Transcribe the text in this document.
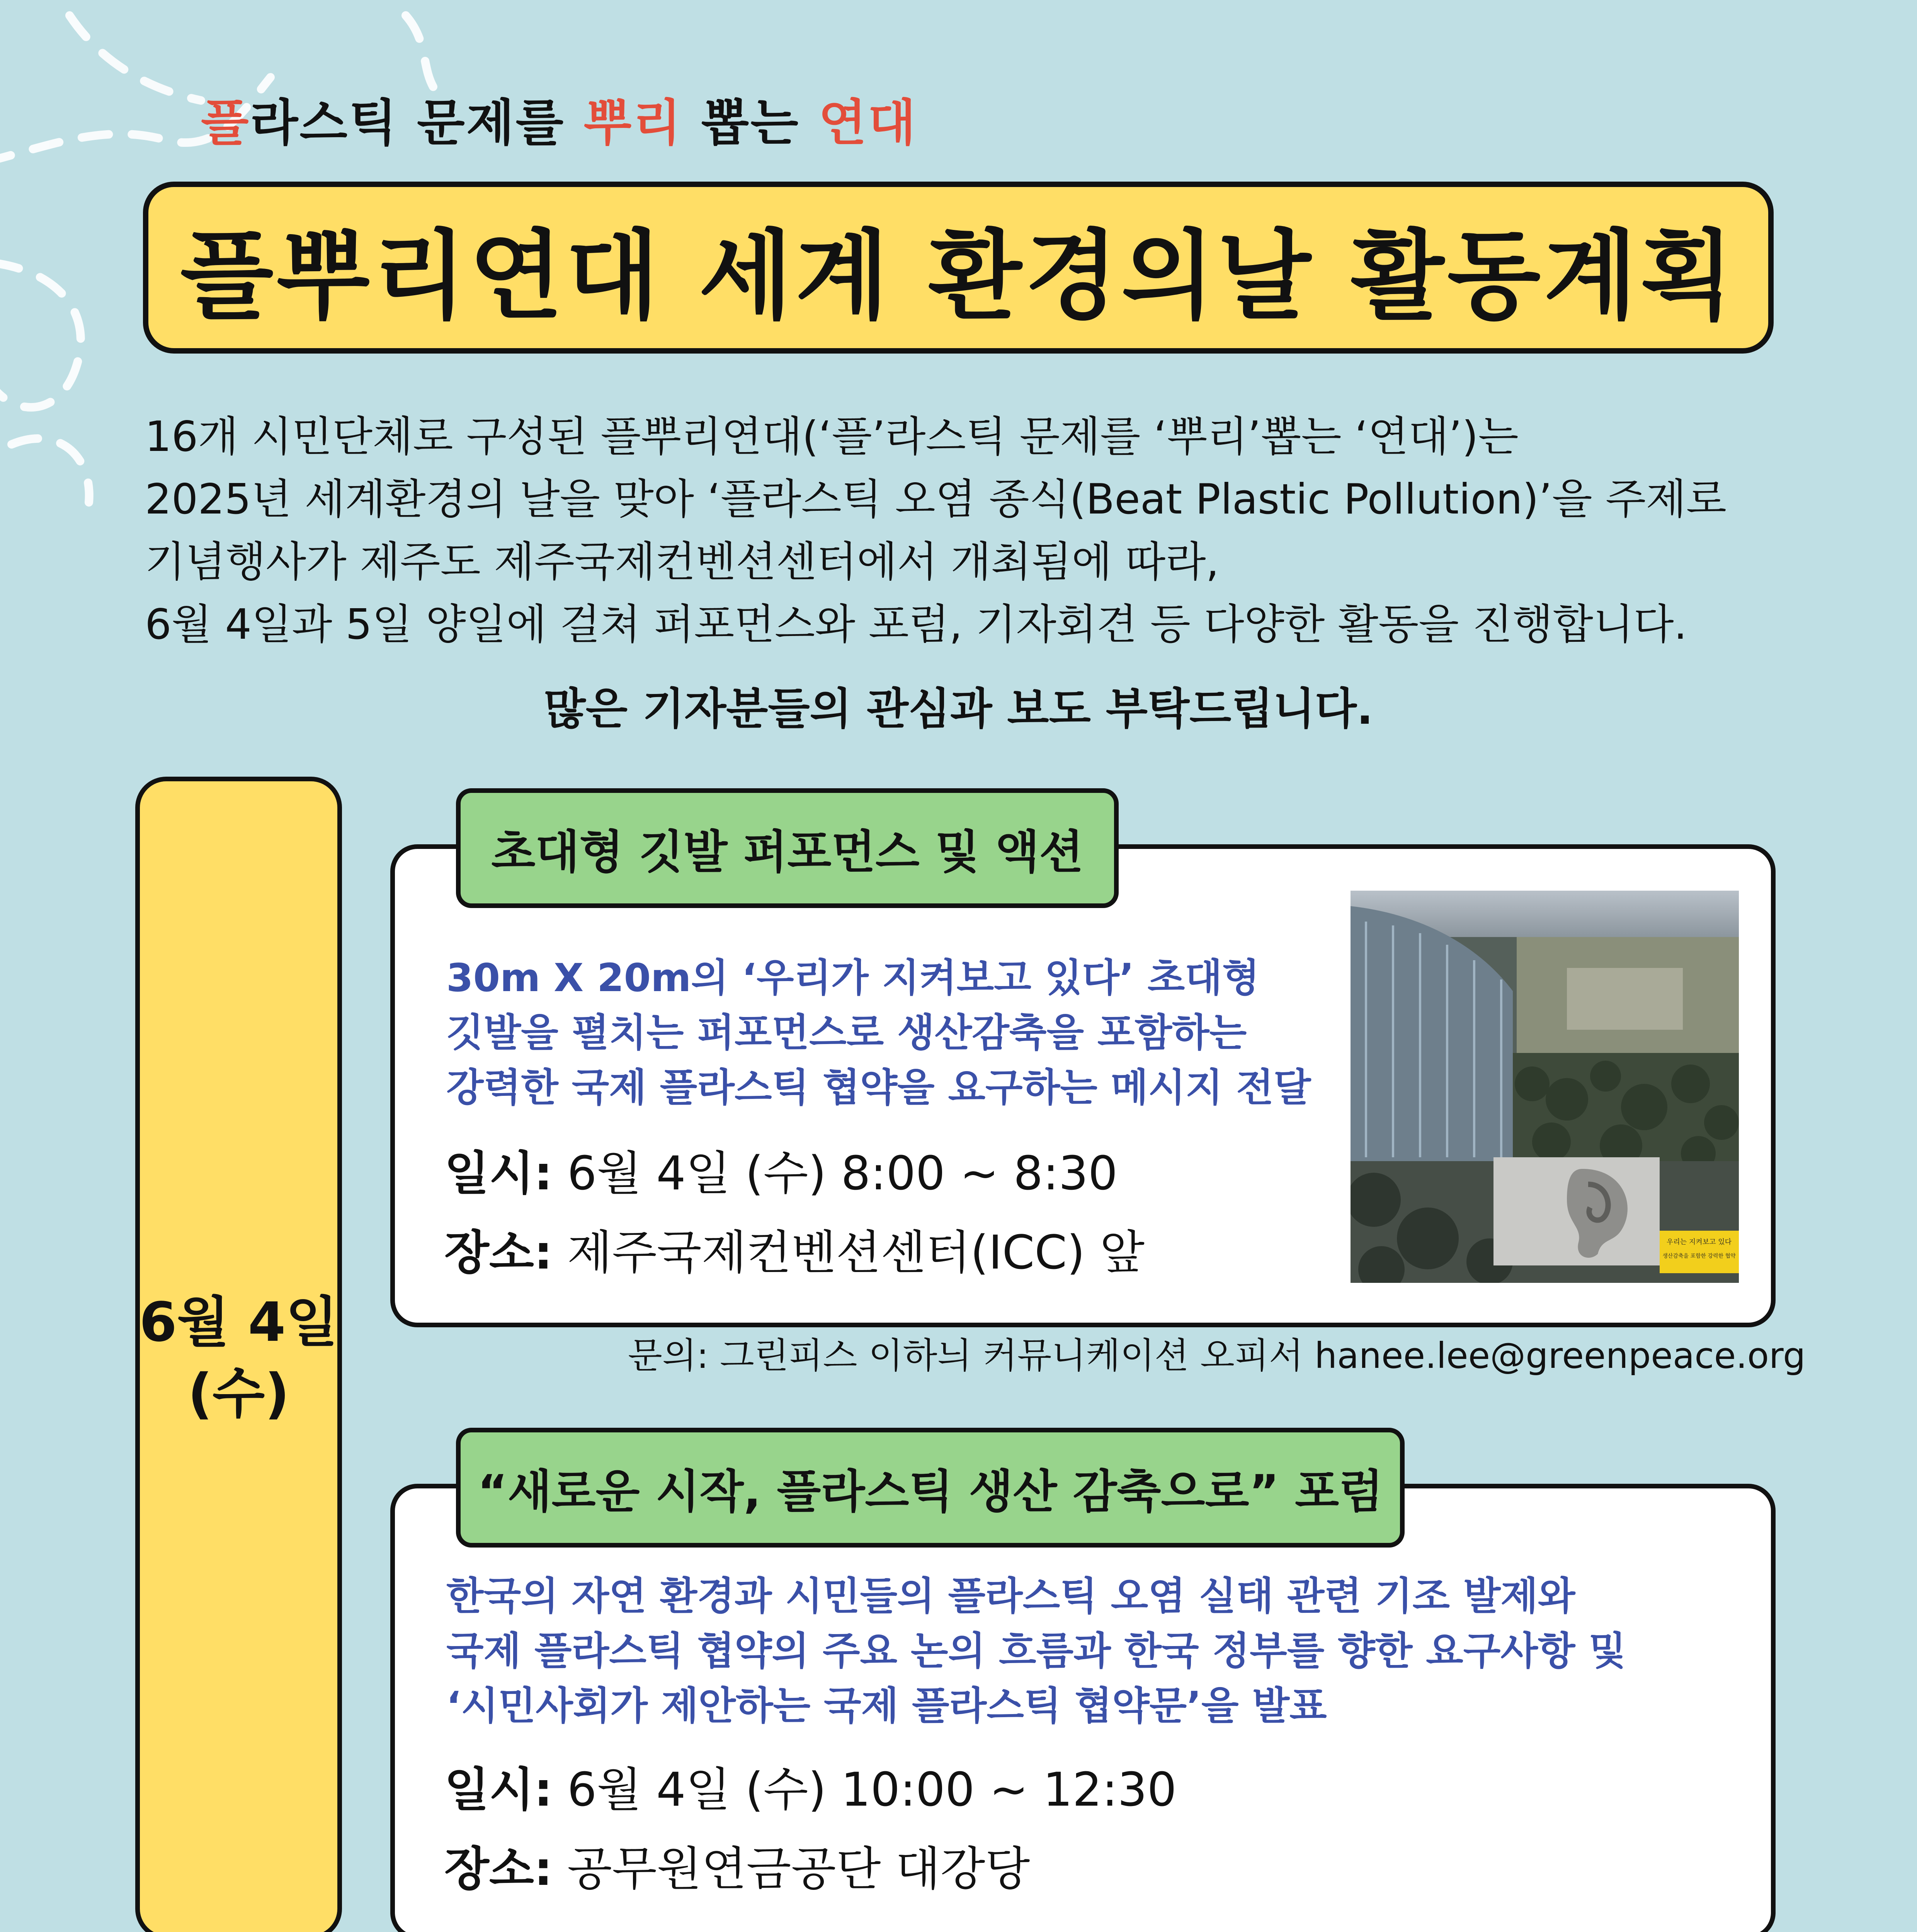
플라스틱 문제를 뿌리 뽑는 연대
플뿌리연대 세계 환경의날 활동계획
16개 시민단체로 구성된 플뿌리연대(‘플’라스틱 문제를 ‘뿌리’뽑는 ‘연대’)는
2025년 세계환경의 날을 맞아 ‘플라스틱 오염 종식(Beat Plastic Pollution)’을 주제로
기념행사가 제주도 제주국제컨벤션센터에서 개최됨에 따라,
6월 4일과 5일 양일에 걸쳐 퍼포먼스와 포럼, 기자회견 등 다양한 활동을 진행합니다.
많은 기자분들의 관심과 보도 부탁드립니다.
6월 4일
(수)
초대형 깃발 퍼포먼스 및 액션
30m X 20m의 ‘우리가 지켜보고 있다’ 초대형
깃발을 펼치는 퍼포먼스로 생산감축을 포함하는
강력한 국제 플라스틱 협약을 요구하는 메시지 전달
일시: 6월 4일 (수) 8:00 ~ 8:30
장소: 제주국제컨벤션센터(ICC) 앞	우리는 지켜보고 있다
생산감축을 포함한 강력한 협약
문의: 그린피스 이하늬 커뮤니케이션 오피서 hanee.lee@greenpeace.org
“새로운 시작, 플라스틱 생산 감축으로” 포럼
한국의 자연 환경과 시민들의 플라스틱 오염 실태 관련 기조 발제와
국제 플라스틱 협약의 주요 논의 흐름과 한국 정부를 향한 요구사항 및
‘시민사회가 제안하는 국제 플라스틱 협약문’을 발표
일시: 6월 4일 (수) 10:00 ~ 12:30
장소: 공무원연금공단 대강당
